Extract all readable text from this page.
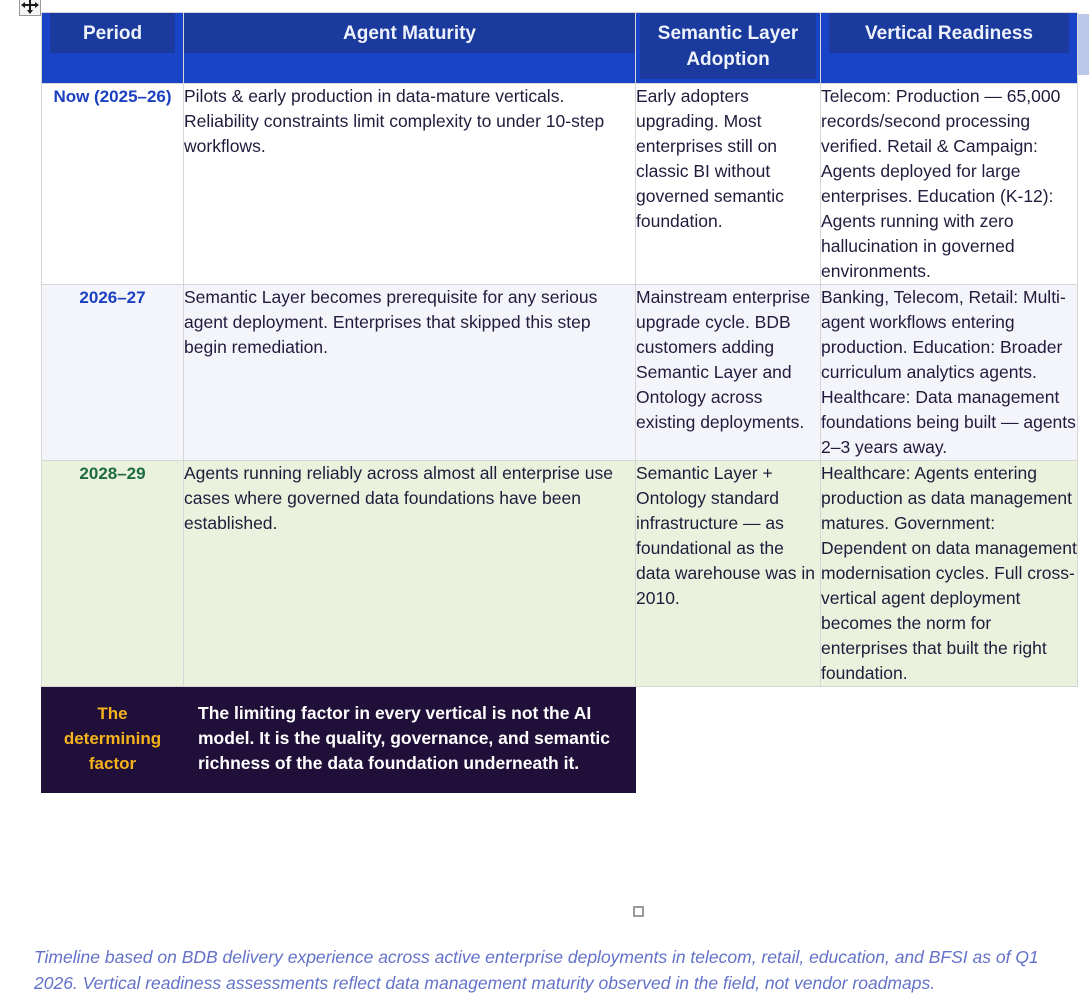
Period	Agent Maturity	Semantic Layer Adoption	Vertical Readiness

Now (2025–26)	Pilots & early production in data-mature verticals. Reliability constraints limit complexity to under 10-step workflows.	Early adopters upgrading. Most enterprises still on classic BI without governed semantic foundation.	Telecom: Production — 65,000 records/second processing verified. Retail & Campaign: Agents deployed for large enterprises. Education (K-12): Agents running with zero hallucination in governed environments.
2026–27	Semantic Layer becomes prerequisite for any serious agent deployment. Enterprises that skipped this step begin remediation.	Mainstream enterprise upgrade cycle. BDB customers adding Semantic Layer and Ontology across existing deployments.	Banking, Telecom, Retail: Multi-agent workflows entering production. Education: Broader curriculum analytics agents. Healthcare: Data management foundations being built — agents 2–3 years away.
2028–29	Agents running reliably across almost all enterprise use cases where governed data foundations have been established.	Semantic Layer + Ontology standard infrastructure — as foundational as the data warehouse was in 2010.	Healthcare: Agents entering production as data management matures. Government: Dependent on data management modernisation cycles. Full cross-vertical agent deployment becomes the norm for enterprises that built the right foundation.
The determining factor	The limiting factor in every vertical is not the AI model. It is the quality, governance, and semantic richness of the data foundation underneath it.		
Timeline based on BDB delivery experience across active enterprise deployments in telecom, retail, education, and BFSI as of Q1 2026. Vertical readiness assessments reflect data management maturity observed in the field, not vendor roadmaps.
